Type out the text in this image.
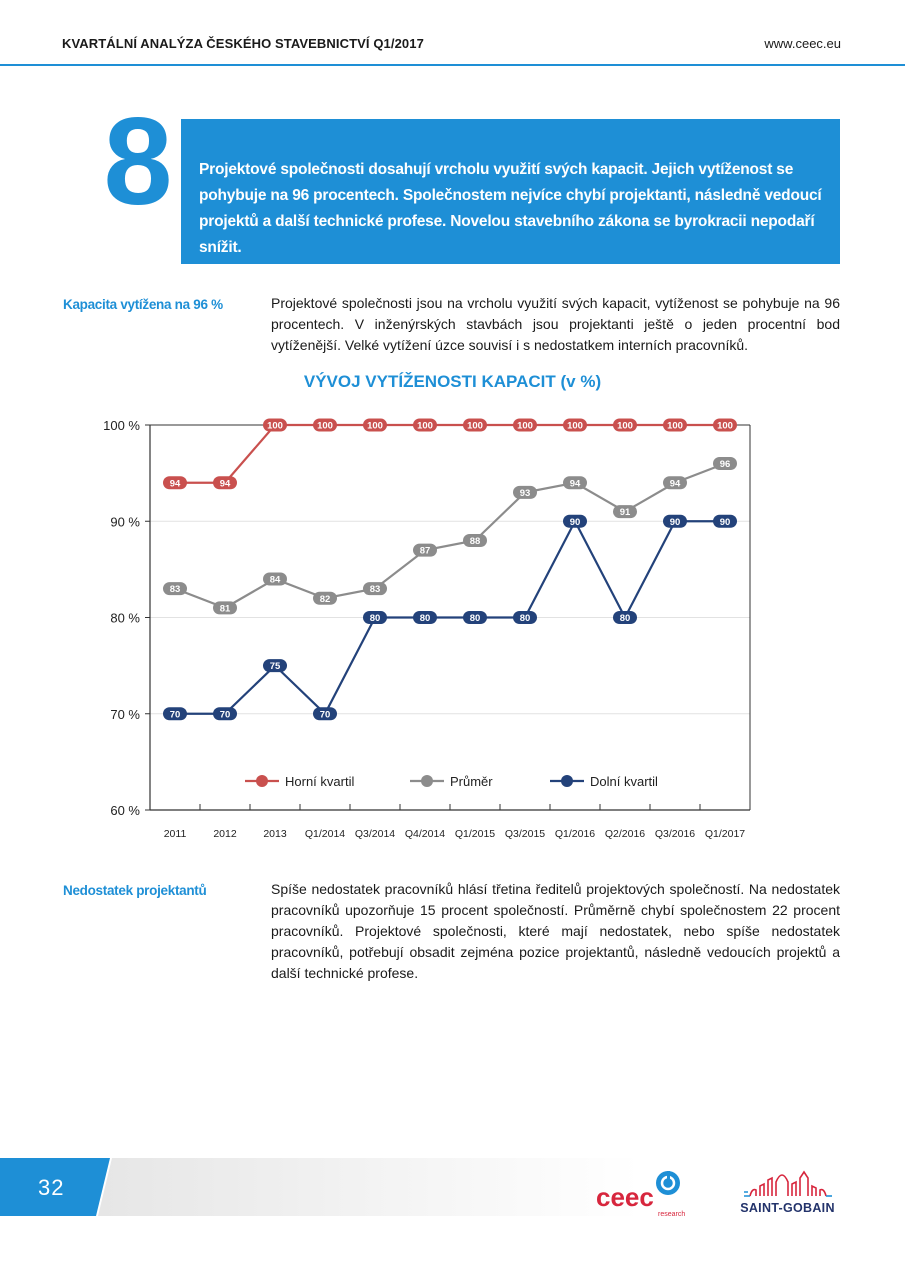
KVARTÁLNÍ ANALÝZA ČESKÉHO STAVEBNICTVÍ Q1/2017	www.ceec.eu
8	Projektové společnosti dosahují vrcholu využití svých kapacit. Jejich vytíženost se pohybuje na 96 procentech. Společnostem nejvíce chybí projektanti, následně vedoucí projektů a další technické profese. Novelou stavebního zákona se byrokracii nepodaří snížit.
Kapacita vytížena na 96 %	Projektové společnosti jsou na vrcholu využití svých kapacit, vytíženost se pohybuje na 96 procentech. V inženýrských stavbách jsou projektanti ještě o jeden procentní bod vytíženější. Velké vytížení úzce souvisí i s nedostatkem interních pracovníků.
VÝVOJ VYTÍŽENOSTI KAPACIT (v %)
60 %
70 %
80 %
90 %
100 %
2011	2012	2013 Q1/2014 Q3/2014 Q4/2014 Q1/2015 Q3/2015 Q1/2016 Q2/2016 Q3/2016 Q1/2017
94	94
100	100	100	100	100	100	100	100	100	100
83
81
84
82
83
87
88
93
94
91
94
96
70	70
75
70
80	80	80	80
90
80
90	90
Horní kvartil	Průměr	Dolní kvartil
Nedostatek projektantů	Spíše nedostatek pracovníků hlásí třetina ředitelů projektových společností. Na nedostatek pracovníků upozorňuje 15 procent společností. Průměrně chybí společnostem 22 procent pracovníků. Projektové společnosti, které mají nedostatek, nebo spíše nedostatek pracovníků, potřebují obsadit zejména pozice projektantů, následně vedoucích projektů a další technické profese.
32	ceec
research	SAINT-GOBAIN
